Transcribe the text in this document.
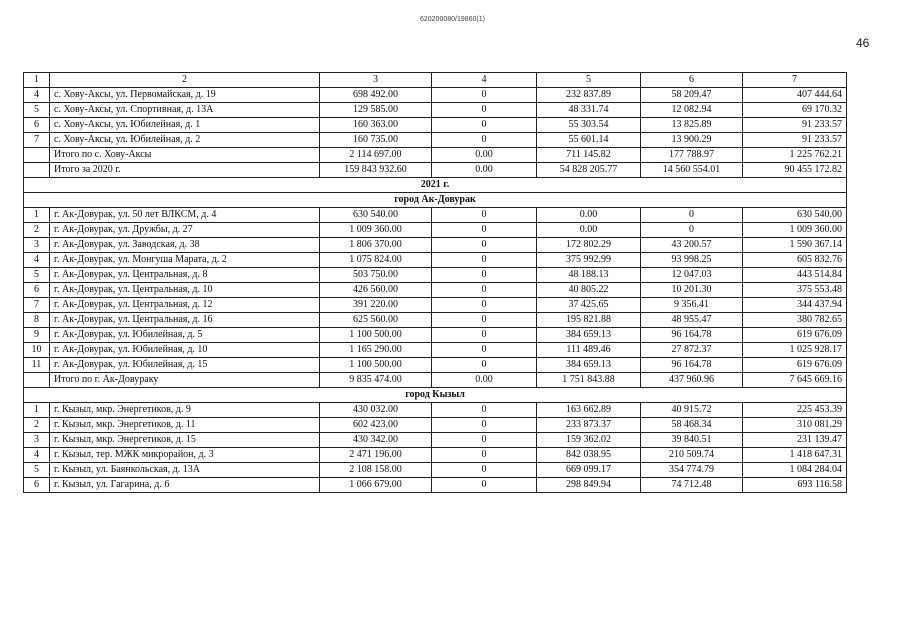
620200080/19860(1)
46
1	2	3	4	5	6	7
4	с. Хову-Аксы, ул. Первомайская, д. 19	698 492.00	0	232 837.89	58 209.47	407 444.64
5	с. Хову-Аксы, ул. Спортивная, д. 13А	129 585.00	0	48 331.74	12 082.94	69 170.32
6	с. Хову-Аксы, ул. Юбилейная, д. 1	160 363.00	0	55 303.54	13 825.89	91 233.57
7	с. Хову-Аксы, ул. Юбилейная, д. 2	160 735.00	0	55 601.14	13 900.29	91 233.57
	Итого по с. Хову-Аксы	2 114 697.00	0.00	711 145.82	177 788.97	1 225 762.21
	Итого за 2020 г.	159 843 932.60	0.00	54 828 205.77	14 560 554.01	90 455 172.82
2021 г.						
город Ак-Довурак						
1	г. Ак-Довурак, ул. 50 лет ВЛКСМ, д. 4	630 540.00	0	0.00	0	630 540.00
2	г. Ак-Довурак, ул. Дружбы, д. 27	1 009 360.00	0	0.00	0	1 009 360.00
3	г. Ак-Довурак, ул. Заводская, д. 38	1 806 370.00	0	172 802.29	43 200.57	1 590 367.14
4	г. Ак-Довурак, ул. Монгуша Марата, д. 2	1 075 824.00	0	375 992.99	93 998.25	605 832.76
5	г. Ак-Довурак, ул. Центральная, д. 8	503 750.00	0	48 188.13	12 047.03	443 514.84
6	г. Ак-Довурак, ул. Центральная, д. 10	426 560.00	0	40 805.22	10 201.30	375 553.48
7	г. Ак-Довурак, ул. Центральная, д. 12	391 220.00	0	37 425.65	9 356.41	344 437.94
8	г. Ак-Довурак, ул. Центральная, д. 16	625 560.00	0	195 821.88	48 955.47	380 782.65
9	г. Ак-Довурак, ул. Юбилейная, д. 5	1 100 500.00	0	384 659.13	96 164.78	619 676.09
10	г. Ак-Довурак, ул. Юбилейная, д. 10	1 165 290.00	0	111 489.46	27 872.37	1 025 928.17
11	г. Ак-Довурак, ул. Юбилейная, д. 15	1 100 500.00	0	384 659.13	96 164.78	619 676.09
	Итого по г. Ак-Довураку	9 835 474.00	0.00	1 751 843.88	437 960.96	7 645 669.16
город Кызыл						
1	г. Кызыл, мкр. Энергетиков, д. 9	430 032.00	0	163 662.89	40 915.72	225 453.39
2	г. Кызыл, мкр. Энергетиков, д. 11	602 423.00	0	233 873.37	58 468.34	310 081.29
3	г. Кызыл, мкр. Энергетиков, д. 15	430 342.00	0	159 362.02	39 840.51	231 139.47
4	г. Кызыл, тер. МЖК микрорайон, д. 3	2 471 196.00	0	842 038.95	210 509.74	1 418 647.31
5	г. Кызыл, ул. Баянкольская, д. 13А	2 108 158.00	0	669 099.17	354 774.79	1 084 284.04
6	г. Кызыл, ул. Гагарина, д. 6	1 066 679.00	0	298 849.94	74 712.48	693 116.58
